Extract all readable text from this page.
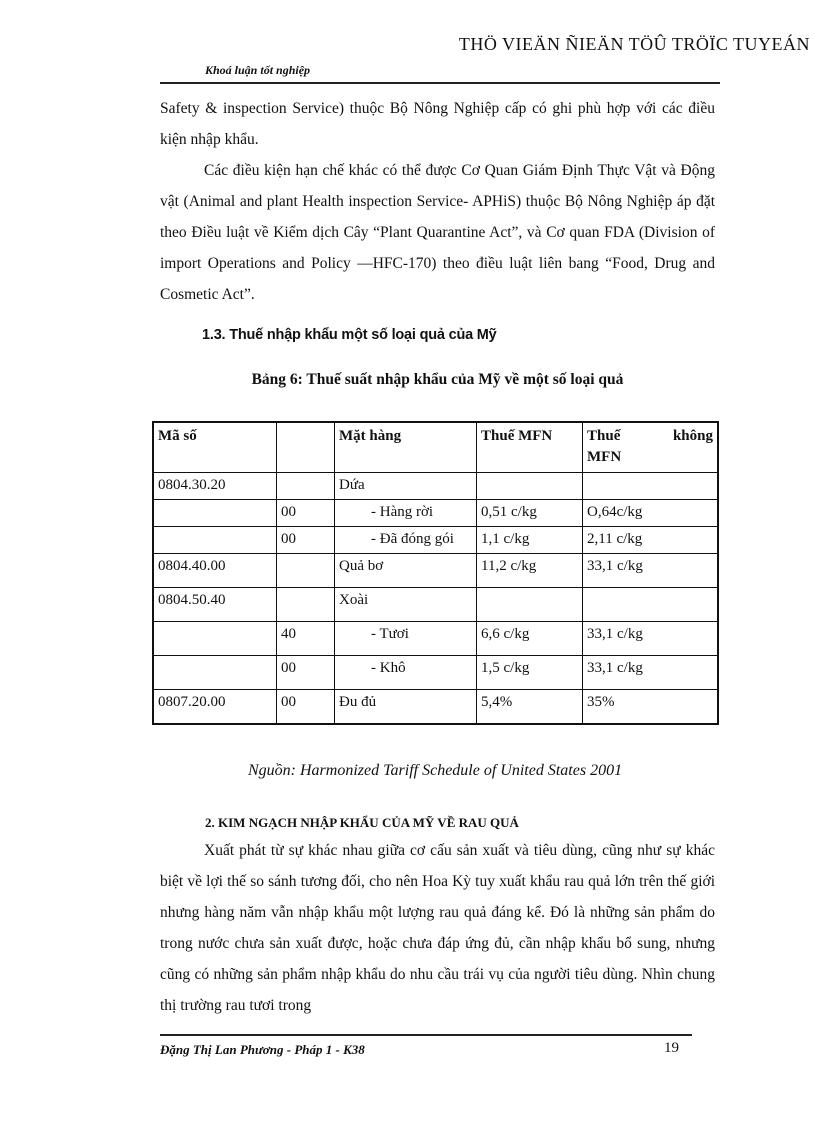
THÖ VIEÄN ÑIEÄN TÖÛ TRÖÏC TUYEÁN
Khoá luận tốt nghiệp
Safety & inspection Service) thuộc Bộ Nông Nghiệp cấp có ghi phù hợp với các điều kiện nhập khẩu.
Các điều kiện hạn chế khác có thể được Cơ Quan Giám Định Thực Vật và Động vật (Animal and plant Health inspection Service- APHiS) thuộc Bộ Nông Nghiệp áp đặt theo Điều luật về Kiểm dịch Cây “Plant Quarantine Act”, và Cơ quan FDA (Division of import Operations and Policy —HFC-170) theo điều luật liên bang “Food, Drug and Cosmetic Act”.
1.3. Thuế nhập khẩu một số loại quả của Mỹ
Bảng 6: Thuế suất nhập khẩu của Mỹ về một số loại quả
Mã số		Mặt hàng	Thuế MFN	Thuế không
MFN

0804.30.20		Dứa		
	00	- Hàng rời	0,51 c/kg	O,64c/kg
	00	- Đã đóng gói	1,1 c/kg	2,11 c/kg
0804.40.00		Quả bơ	11,2 c/kg	33,1 c/kg
0804.50.40		Xoài		
	40	- Tươi	6,6 c/kg	33,1 c/kg
	00	- Khô	1,5 c/kg	33,1 c/kg
0807.20.00	00	Đu đủ	5,4%	35%
Nguồn: Harmonized Tariff Schedule of United States 2001
2. KIM NGẠCH NHẬP KHẨU CỦA MỸ VỀ RAU QUẢ
Xuất phát từ sự khác nhau giữa cơ cấu sản xuất và tiêu dùng, cũng như sự khác biệt về lợi thế so sánh tương đối, cho nên Hoa Kỳ tuy xuất khẩu rau quả lớn trên thế giới nhưng hàng năm vẫn nhập khẩu một lượng rau quả đáng kể. Đó là những sản phẩm do trong nước chưa sản xuất được, hoặc chưa đáp ứng đủ, cần nhập khẩu bổ sung, nhưng cũng có những sản phẩm nhập khẩu do nhu cầu trái vụ của người tiêu dùng. Nhìn chung thị trường rau tươi trong
Đặng Thị Lan Phương - Pháp 1 - K38	19
